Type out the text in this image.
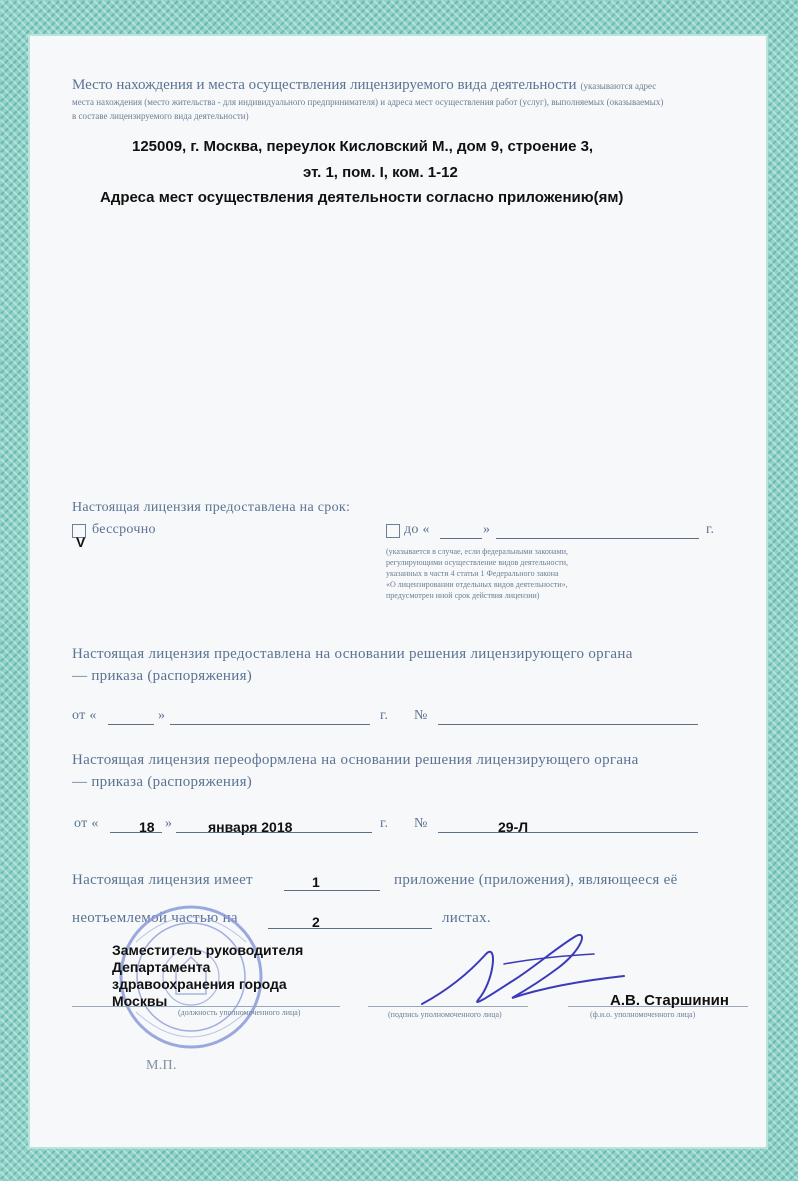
Место нахождения и места осуществления лицензируемого вида деятельности (указываются адрес
места нахождения (место жительства - для индивидуального предпринимателя) и адреса мест осуществления работ (услуг), выполняемых (оказываемых)
в составе лицензируемого вида деятельности)
125009, г. Москва, переулок Кисловский М., дом 9, строение 3,
эт. 1, пом. I, ком. 1-12
Адреса мест осуществления деятельности согласно приложению(ям)
Настоящая лицензия предоставлена на срок:
V
бессрочно	до «	»	г.
(указывается в случае, если федеральными законами,
регулирующими осуществление видов деятельности,
указанных в части 4 статьи 1 Федерального закона
«О лицензировании отдельных видов деятельности»,
предусмотрен иной срок действия лицензии)
Настоящая лицензия предоставлена на основании решения лицензирующего органа
— приказа (распоряжения)
от «	»	г. №
Настоящая лицензия переоформлена на основании решения лицензирующего органа
— приказа (распоряжения)
от «	18 »	января 2018	г. №	29-Л
Настоящая лицензия имеет	1	приложение (приложения), являющееся её
неотъемлемой частью на	2	листах.
Заместитель руководителя
Департамента
здравоохранения города
Москвы
(должность уполномоченного лица)	(подпись уполномоченного лица)
А.В. Старшинин
(ф.и.о. уполномоченного лица)
М.П.
